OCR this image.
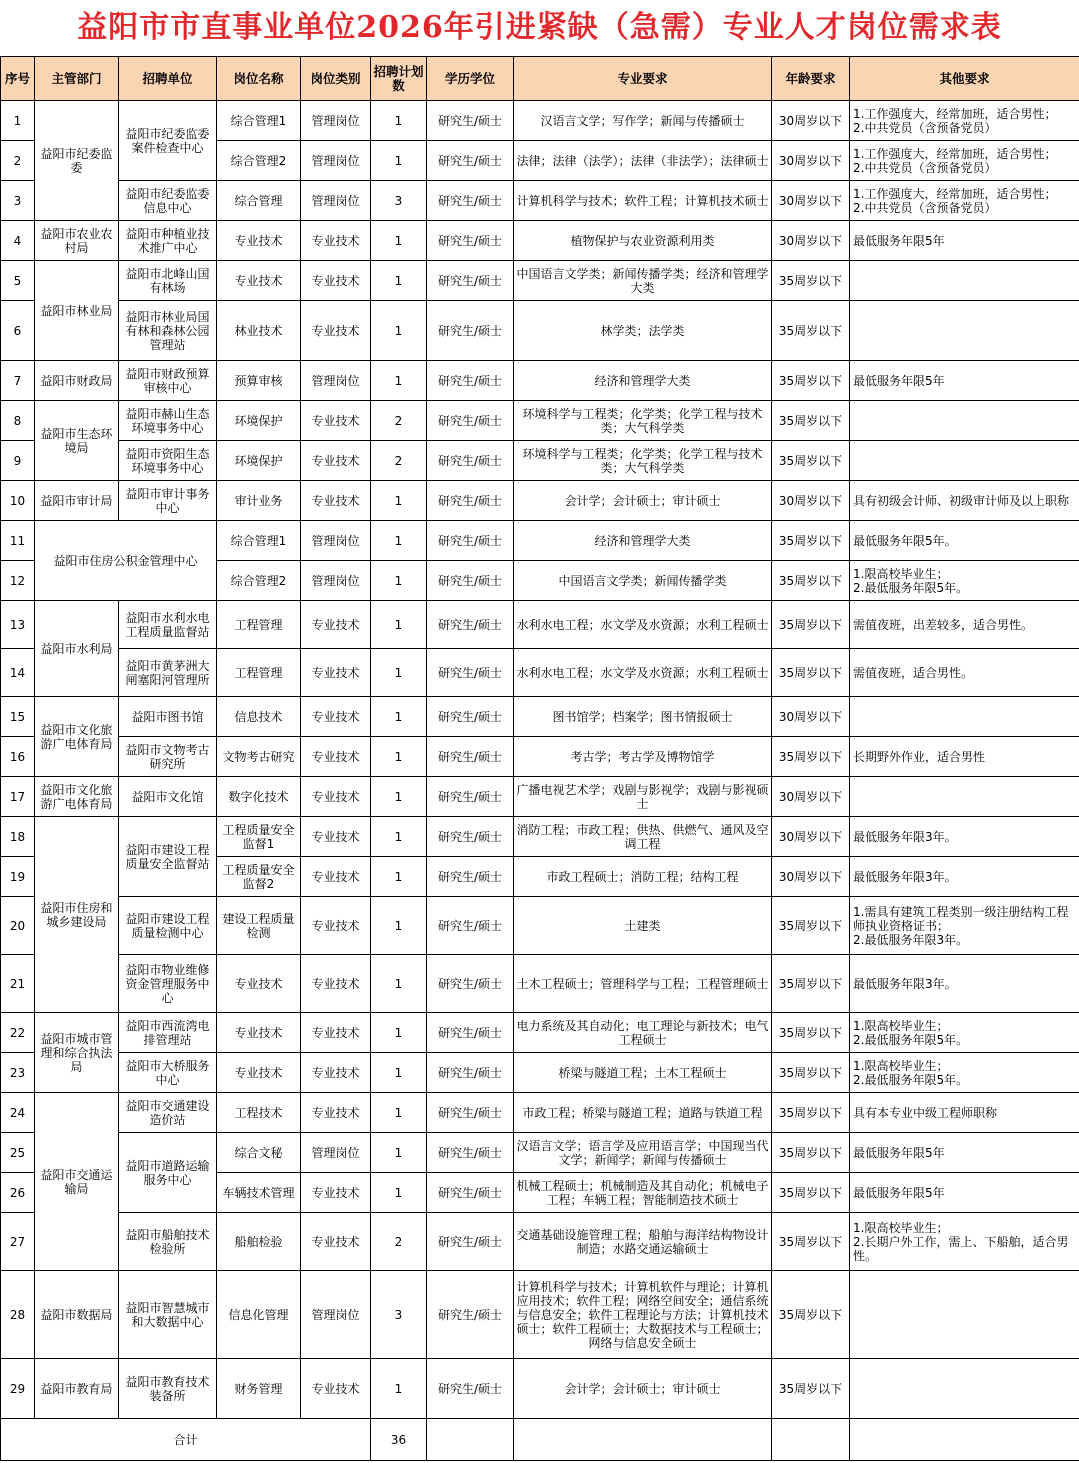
益阳市市直事业单位2026年引进紧缺（急需）专业人才岗位需求表
序号	主管部门	招聘单位	岗位名称	岗位类别	招聘计划数	学历学位	专业要求	年龄要求	其他要求
1	益阳市纪委监委	益阳市纪委监委案件检查中心	综合管理1	管理岗位	1	研究生/硕士	汉语言文学；写作学；新闻与传播硕士	30周岁以下	1.工作强度大，经常加班，适合男性；
2.中共党员（含预备党员）
2			综合管理2	管理岗位	1	研究生/硕士	法律；法律（法学）；法律（非法学）；法律硕士	30周岁以下	1.工作强度大，经常加班，适合男性；
2.中共党员（含预备党员）
3		益阳市纪委监委信息中心	综合管理	管理岗位	3	研究生/硕士	计算机科学与技术；软件工程；计算机技术硕士	30周岁以下	1.工作强度大，经常加班，适合男性；
2.中共党员（含预备党员）
4	益阳市农业农村局	益阳市种植业技术推广中心	专业技术	专业技术	1	研究生/硕士	植物保护与农业资源利用类	30周岁以下	最低服务年限5年
5	益阳市林业局	益阳市北峰山国有林场	专业技术	专业技术	1	研究生/硕士	中国语言文学类；新闻传播学类；经济和管理学大类	35周岁以下	
6		益阳市林业局国有林和森林公园管理站	林业技术	专业技术	1	研究生/硕士	林学类；法学类	35周岁以下	
7	益阳市财政局	益阳市财政预算审核中心	预算审核	管理岗位	1	研究生/硕士	经济和管理学大类	35周岁以下	最低服务年限5年
8	益阳市生态环境局	益阳市赫山生态环境事务中心	环境保护	专业技术	2	研究生/硕士	环境科学与工程类；化学类；化学工程与技术类；大气科学类	35周岁以下	
9		益阳市资阳生态环境事务中心	环境保护	专业技术	2	研究生/硕士	环境科学与工程类；化学类；化学工程与技术类；大气科学类	35周岁以下	
10	益阳市审计局	益阳市审计事务中心	审计业务	专业技术	1	研究生/硕士	会计学；会计硕士；审计硕士	30周岁以下	具有初级会计师、初级审计师及以上职称
11	益阳市住房公积金管理中心		综合管理1	管理岗位	1	研究生/硕士	经济和管理学大类	35周岁以下	最低服务年限5年。
12			综合管理2	管理岗位	1	研究生/硕士	中国语言文学类；新闻传播学类	35周岁以下	1.限高校毕业生；
2.最低服务年限5年。
13	益阳市水利局	益阳市水利水电工程质量监督站	工程管理	专业技术	1	研究生/硕士	水利水电工程；水文学及水资源；水利工程硕士	35周岁以下	需值夜班，出差较多，适合男性。
14		益阳市黄茅洲大闸塞阳河管理所	工程管理	专业技术	1	研究生/硕士	水利水电工程；水文学及水资源；水利工程硕士	35周岁以下	需值夜班，适合男性。
15	益阳市文化旅游广电体育局	益阳市图书馆	信息技术	专业技术	1	研究生/硕士	图书馆学；档案学；图书情报硕士	30周岁以下	
16		益阳市文物考古研究所	文物考古研究	专业技术	1	研究生/硕士	考古学；考古学及博物馆学	35周岁以下	长期野外作业，适合男性
17	益阳市文化旅游广电体育局	益阳市文化馆	数字化技术	专业技术	1	研究生/硕士	广播电视艺术学；戏剧与影视学；戏剧与影视硕士	30周岁以下	
18	益阳市住房和城乡建设局	益阳市建设工程质量安全监督站	工程质量安全监督1	专业技术	1	研究生/硕士	消防工程；市政工程；供热、供燃气、通风及空调工程	30周岁以下	最低服务年限3年。
19			工程质量安全监督2	专业技术	1	研究生/硕士	市政工程硕士；消防工程；结构工程	30周岁以下	最低服务年限3年。
20		益阳市建设工程质量检测中心	建设工程质量检测	专业技术	1	研究生/硕士	土建类	35周岁以下	1.需具有建筑工程类别一级注册结构工程师执业资格证书；
2.最低服务年限3年。
21		益阳市物业维修资金管理服务中心	专业技术	专业技术	1	研究生/硕士	土木工程硕士；管理科学与工程；工程管理硕士	35周岁以下	最低服务年限3年。
22	益阳市城市管理和综合执法局	益阳市西流湾电排管理站	专业技术	专业技术	1	研究生/硕士	电力系统及其自动化；电工理论与新技术；电气工程硕士	35周岁以下	1.限高校毕业生；
2.最低服务年限5年。
23		益阳市大桥服务中心	专业技术	专业技术	1	研究生/硕士	桥梁与隧道工程；土木工程硕士	35周岁以下	1.限高校毕业生；
2.最低服务年限5年。
24	益阳市交通运输局	益阳市交通建设造价站	工程技术	专业技术	1	研究生/硕士	市政工程；桥梁与隧道工程；道路与铁道工程	35周岁以下	具有本专业中级工程师职称
25		益阳市道路运输服务中心	综合文秘	管理岗位	1	研究生/硕士	汉语言文学；语言学及应用语言学；中国现当代文学；新闻学；新闻与传播硕士	35周岁以下	最低服务年限5年
26			车辆技术管理	专业技术	1	研究生/硕士	机械工程硕士；机械制造及其自动化；机械电子工程；车辆工程；智能制造技术硕士	35周岁以下	最低服务年限5年
27		益阳市船舶技术检验所	船舶检验	专业技术	2	研究生/硕士	交通基础设施管理工程；船舶与海洋结构物设计制造；水路交通运输硕士	35周岁以下	1.限高校毕业生；
2.长期户外工作，需上、下船舶，适合男性。
28	益阳市数据局	益阳市智慧城市和大数据中心	信息化管理	管理岗位	3	研究生/硕士	计算机科学与技术；计算机软件与理论；计算机应用技术；软件工程；网络空间安全；通信系统与信息安全；软件工程理论与方法；计算机技术硕士；软件工程硕士；大数据技术与工程硕士；网络与信息安全硕士	35周岁以下	
29	益阳市教育局	益阳市教育技术装备所	财务管理	专业技术	1	研究生/硕士	会计学；会计硕士；审计硕士	35周岁以下	
合计					36				
